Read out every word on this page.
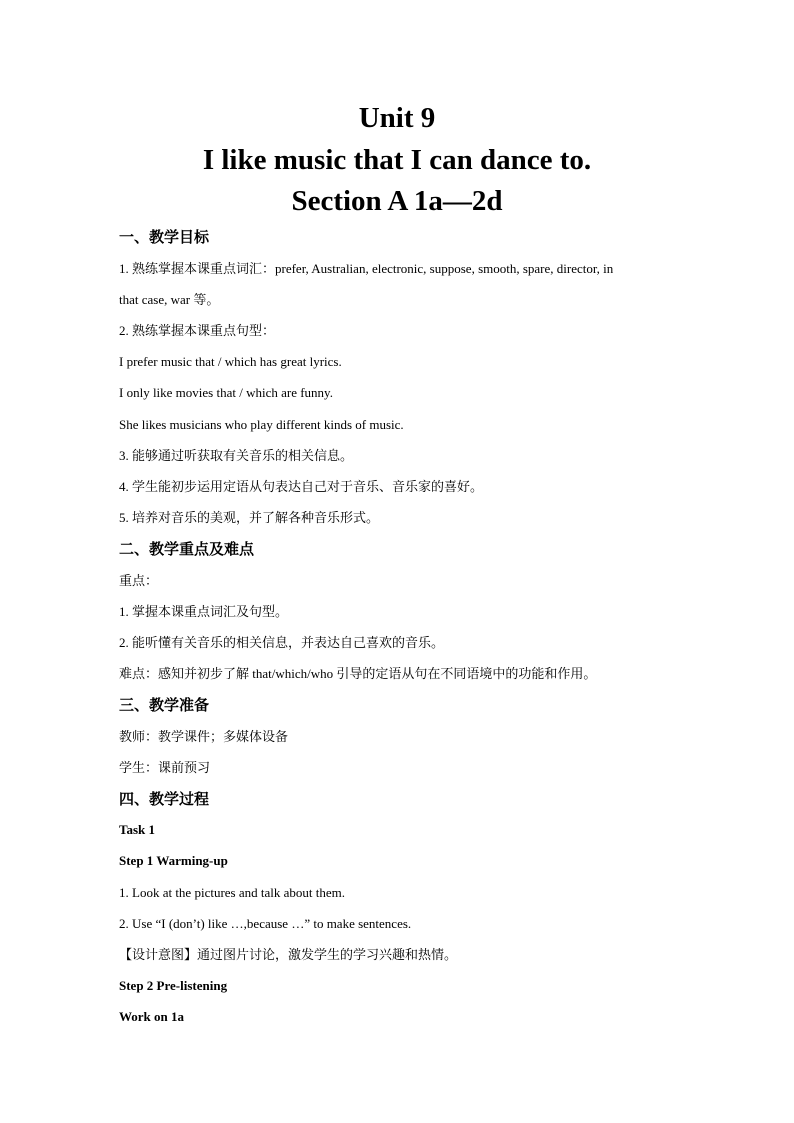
Unit 9
I like music that I can dance to.
Section A 1a—2d
一、教学目标
1. 熟练掌握本课重点词汇：prefer, Australian, electronic, suppose, smooth, spare, director, in
that case, war 等。
2. 熟练掌握本课重点句型：
I prefer music that / which has great lyrics.
I only like movies that / which are funny.
She likes musicians who play different kinds of music.
3. 能够通过听获取有关音乐的相关信息。
4. 学生能初步运用定语从句表达自己对于音乐、音乐家的喜好。
5. 培养对音乐的美观，并了解各种音乐形式。
二、教学重点及难点
重点：
1. 掌握本课重点词汇及句型。
2. 能听懂有关音乐的相关信息，并表达自己喜欢的音乐。
难点：感知并初步了解 that/which/who 引导的定语从句在不同语境中的功能和作用。
三、教学准备
教师：教学课件；多媒体设备
学生：课前预习
四、教学过程
Task 1
Step 1 Warming-up
1. Look at the pictures and talk about them.
2. Use “I (don’t) like …,because …” to make sentences.
【设计意图】通过图片讨论，激发学生的学习兴趣和热情。
Step 2 Pre-listening
Work on 1a
